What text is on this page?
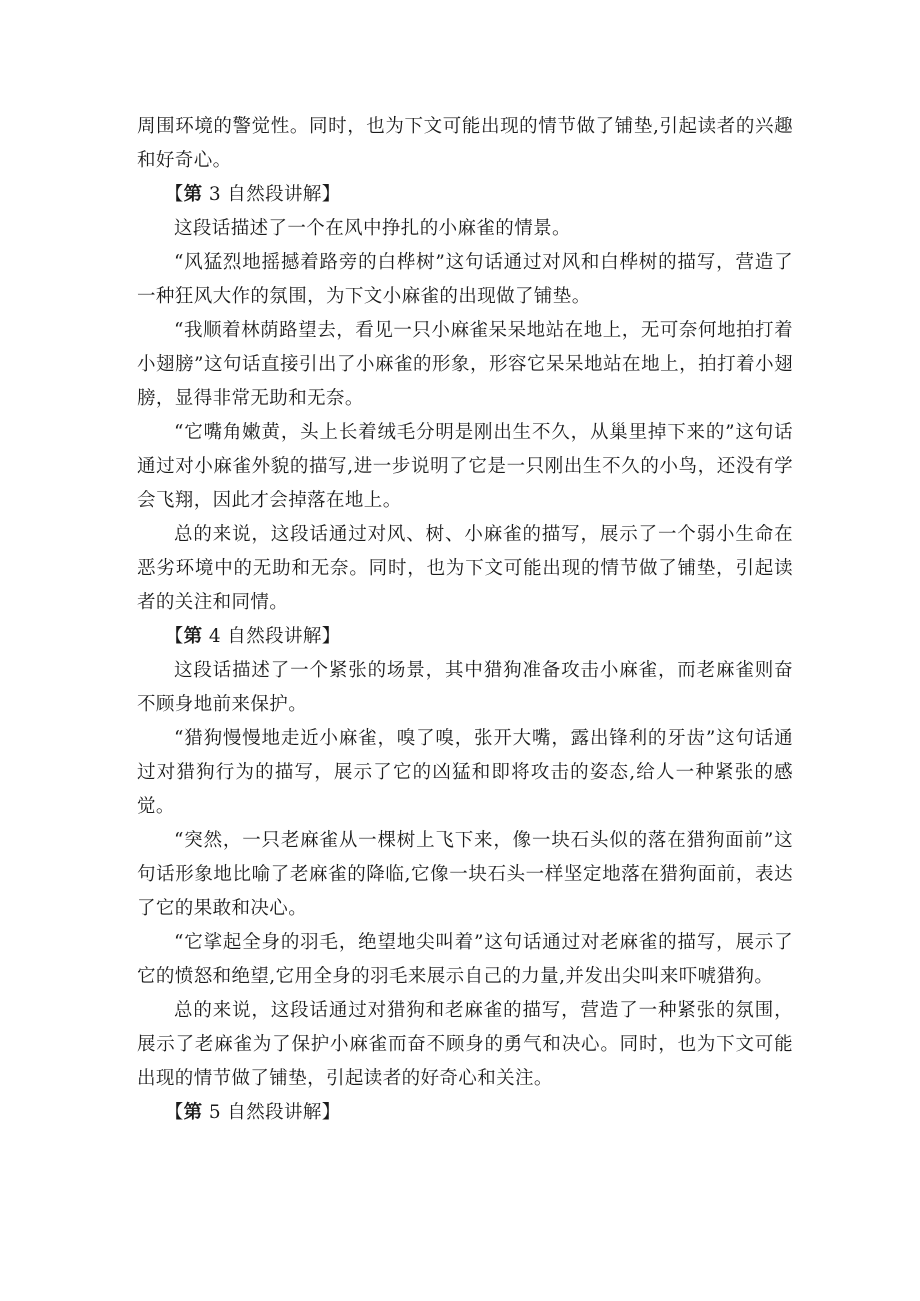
周围环境的警觉性。同时，也为下文可能出现的情节做了铺垫,引起读者的兴趣和好奇心。

【第 3 自然段讲解】

这段话描述了一个在风中挣扎的小麻雀的情景。

“风猛烈地摇撼着路旁的白桦树”这句话通过对风和白桦树的描写，营造了一种狂风大作的氛围，为下文小麻雀的出现做了铺垫。

“我顺着林荫路望去，看见一只小麻雀呆呆地站在地上，无可奈何地拍打着小翅膀”这句话直接引出了小麻雀的形象，形容它呆呆地站在地上，拍打着小翅膀，显得非常无助和无奈。

“它嘴角嫩黄，头上长着绒毛分明是刚出生不久，从巢里掉下来的”这句话通过对小麻雀外貌的描写,进一步说明了它是一只刚出生不久的小鸟，还没有学会飞翔，因此才会掉落在地上。

总的来说，这段话通过对风、树、小麻雀的描写，展示了一个弱小生命在恶劣环境中的无助和无奈。同时，也为下文可能出现的情节做了铺垫，引起读者的关注和同情。

【第 4 自然段讲解】

这段话描述了一个紧张的场景，其中猎狗准备攻击小麻雀，而老麻雀则奋不顾身地前来保护。

“猎狗慢慢地走近小麻雀，嗅了嗅，张开大嘴，露出锋利的牙齿”这句话通过对猎狗行为的描写，展示了它的凶猛和即将攻击的姿态,给人一种紧张的感觉。

“突然，一只老麻雀从一棵树上飞下来，像一块石头似的落在猎狗面前”这句话形象地比喻了老麻雀的降临,它像一块石头一样坚定地落在猎狗面前，表达了它的果敢和决心。

“它挲起全身的羽毛，绝望地尖叫着”这句话通过对老麻雀的描写，展示了它的愤怒和绝望,它用全身的羽毛来展示自己的力量,并发出尖叫来吓唬猎狗。

总的来说，这段话通过对猎狗和老麻雀的描写，营造了一种紧张的氛围，展示了老麻雀为了保护小麻雀而奋不顾身的勇气和决心。同时，也为下文可能出现的情节做了铺垫，引起读者的好奇心和关注。

【第 5 自然段讲解】
